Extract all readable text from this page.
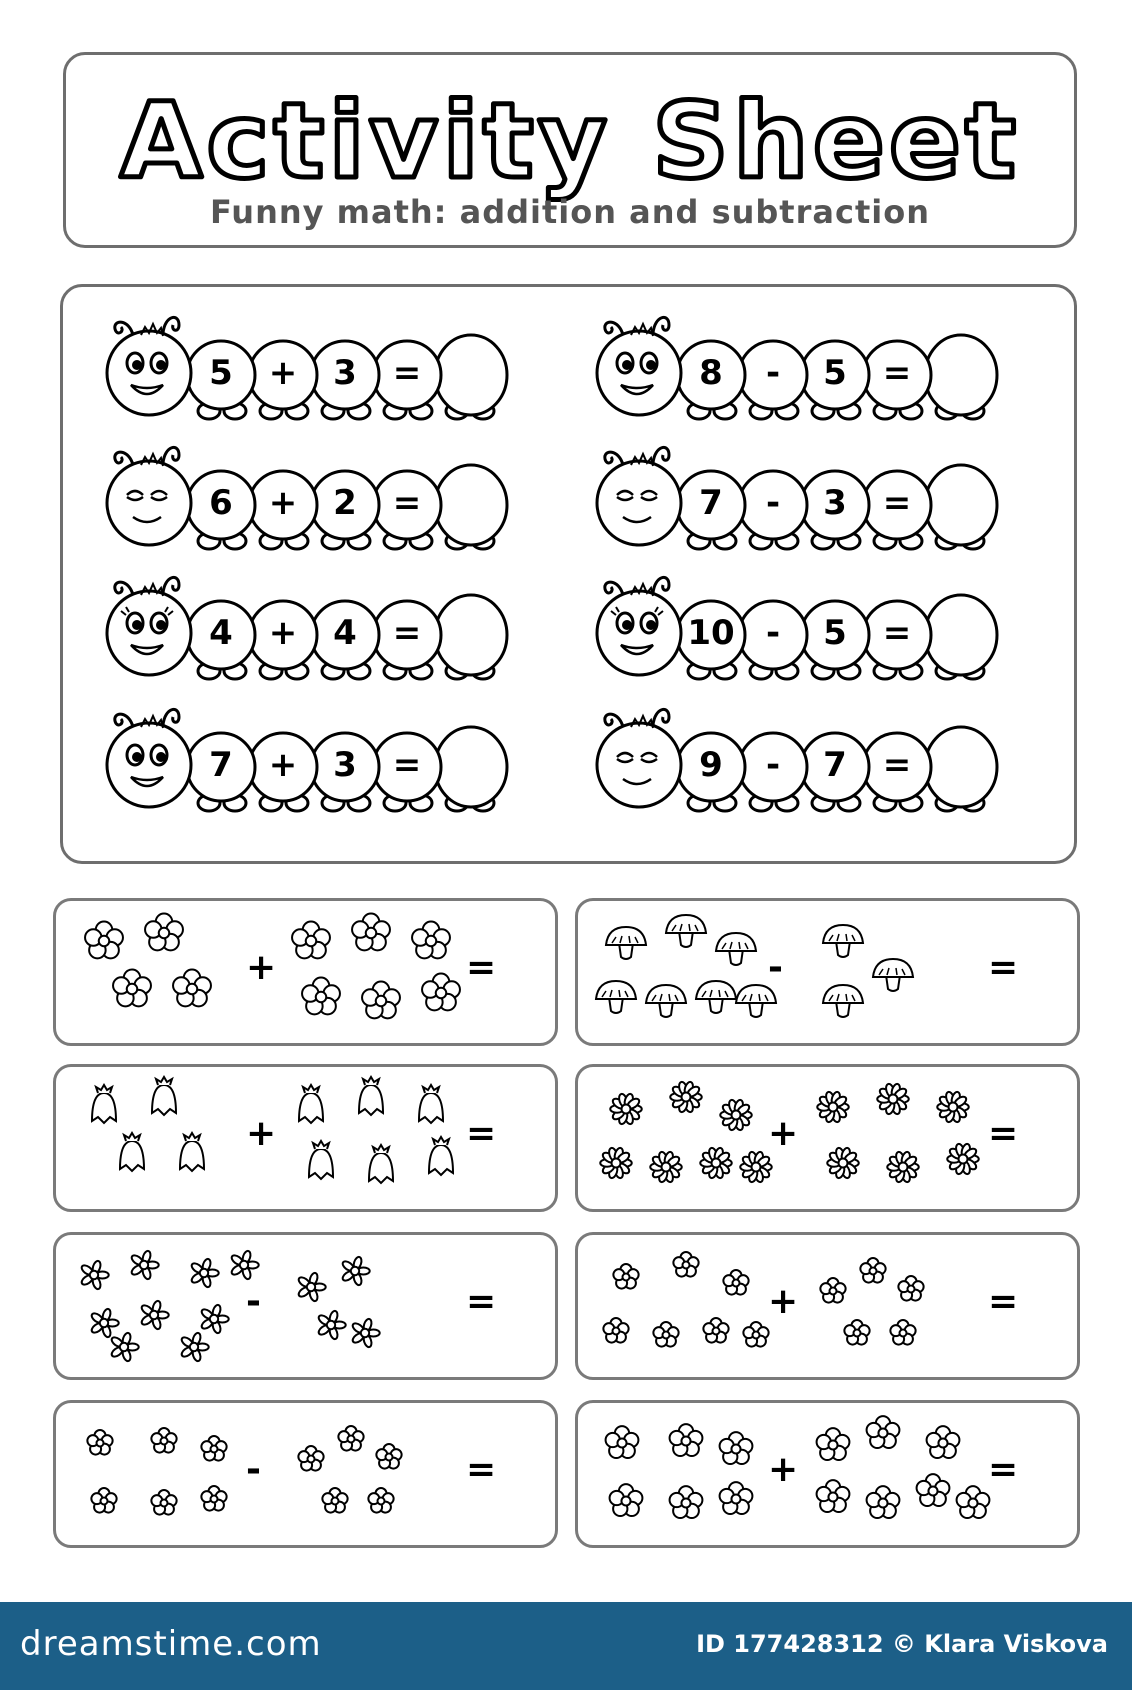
Activity Sheet
Funny math: addition and subtraction
5	+	3	=	8	-	5	=
6	+	2	=	7	-	3	=
4	+	4	=	10 -	5	=
7	+	3	=	9	-	7	=
+	=	-	=
+	=	+	=
-	=	+	=
-	=	+	=
dreamstime.com	ID 177428312 © Klara Viskova
